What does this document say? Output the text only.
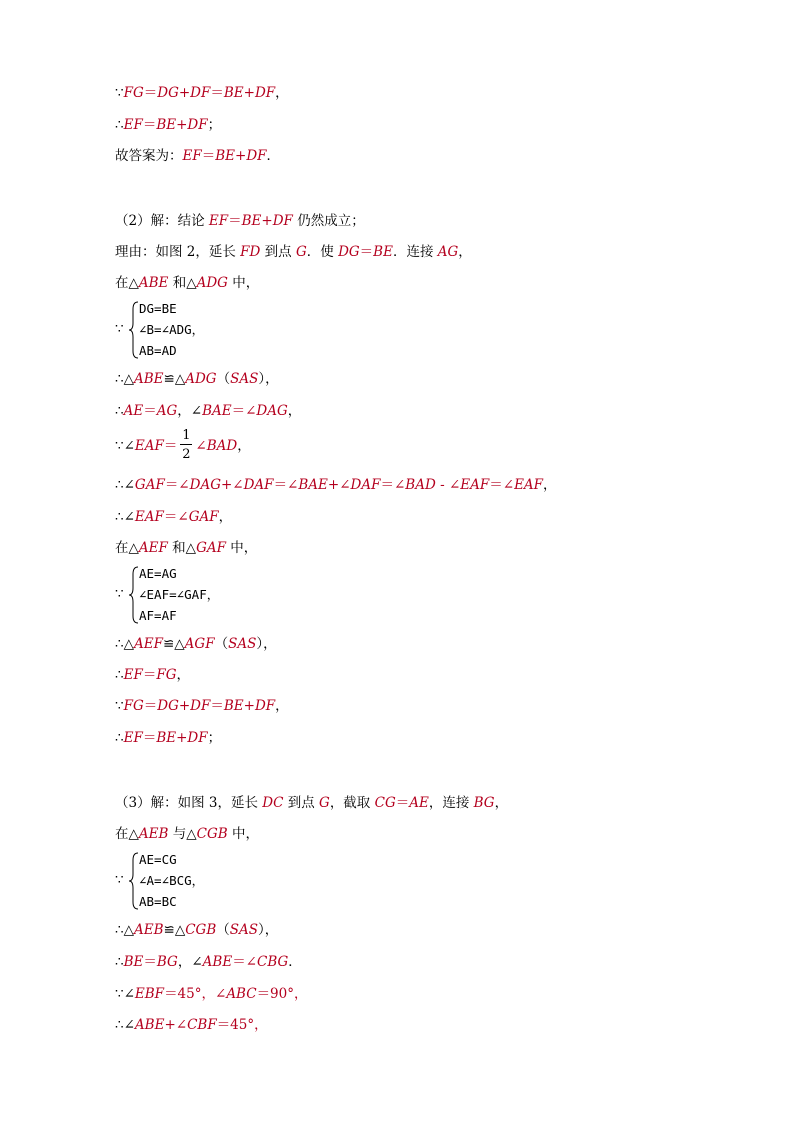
∵FG＝DG+DF＝BE+DF，
∴EF＝BE+DF；
故答案为：EF＝BE+DF．
（2）解：结论 EF＝BE+DF 仍然成立；
理由：如图 2，延长 FD 到点 G．使 DG＝BE．连接 AG，
在△ABE 和△ADG 中，
∵
DG=BE
∠B=∠ADG，
AB=AD
∴△ABE≌△ADG（SAS），
∴AE＝AG，∠BAE＝∠DAG，
∵∠EAF＝ $\frac{1}{2}$ ∠BAD，
∴∠GAF＝∠DAG+∠DAF＝∠BAE+∠DAF＝∠BAD - ∠EAF＝∠EAF，
∴∠EAF＝∠GAF，
在△AEF 和△GAF 中，
∵
AE=AG
∠EAF=∠GAF，
AF=AF
∴△AEF≌△AGF（SAS），
∴EF＝FG，
∵FG＝DG+DF＝BE+DF，
∴EF＝BE+DF；
（3）解：如图 3，延长 DC 到点 G，截取 CG＝AE，连接 BG，
在△AEB 与△CGB 中，
∵
AE=CG
∠A=∠BCG，
AB=BC
∴△AEB≌△CGB（SAS），
∴BE＝BG，∠ABE＝∠CBG．
∵∠EBF＝45°，∠ABC＝90°，
∴∠ABE+∠CBF＝45°，
